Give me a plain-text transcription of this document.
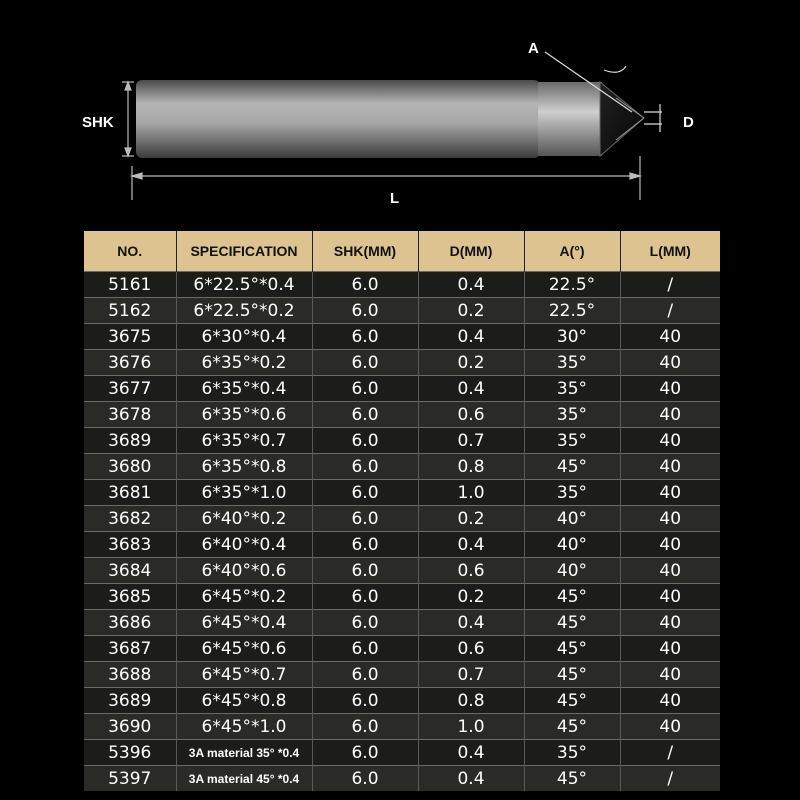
A
SHK	D
L
NO.	SPECIFICATION	SHK(MM)	D(MM)	A(°)	L(MM)
5161	6*22.5°*0.4	6.0	0.4	22.5°	/
5162	6*22.5°*0.2	6.0	0.2	22.5°	/
3675	6*30°*0.4	6.0	0.4	30°	40
3676	6*35°*0.2	6.0	0.2	35°	40
3677	6*35°*0.4	6.0	0.4	35°	40
3678	6*35°*0.6	6.0	0.6	35°	40
3689	6*35°*0.7	6.0	0.7	35°	40
3680	6*35°*0.8	6.0	0.8	45°	40
3681	6*35°*1.0	6.0	1.0	35°	40
3682	6*40°*0.2	6.0	0.2	40°	40
3683	6*40°*0.4	6.0	0.4	40°	40
3684	6*40°*0.6	6.0	0.6	40°	40
3685	6*45°*0.2	6.0	0.2	45°	40
3686	6*45°*0.4	6.0	0.4	45°	40
3687	6*45°*0.6	6.0	0.6	45°	40
3688	6*45°*0.7	6.0	0.7	45°	40
3689	6*45°*0.8	6.0	0.8	45°	40
3690	6*45°*1.0	6.0	1.0	45°	40
5396	3A material 35° *0.4	6.0	0.4	35°	/
5397	3A material 45° *0.4	6.0	0.4	45°	/
